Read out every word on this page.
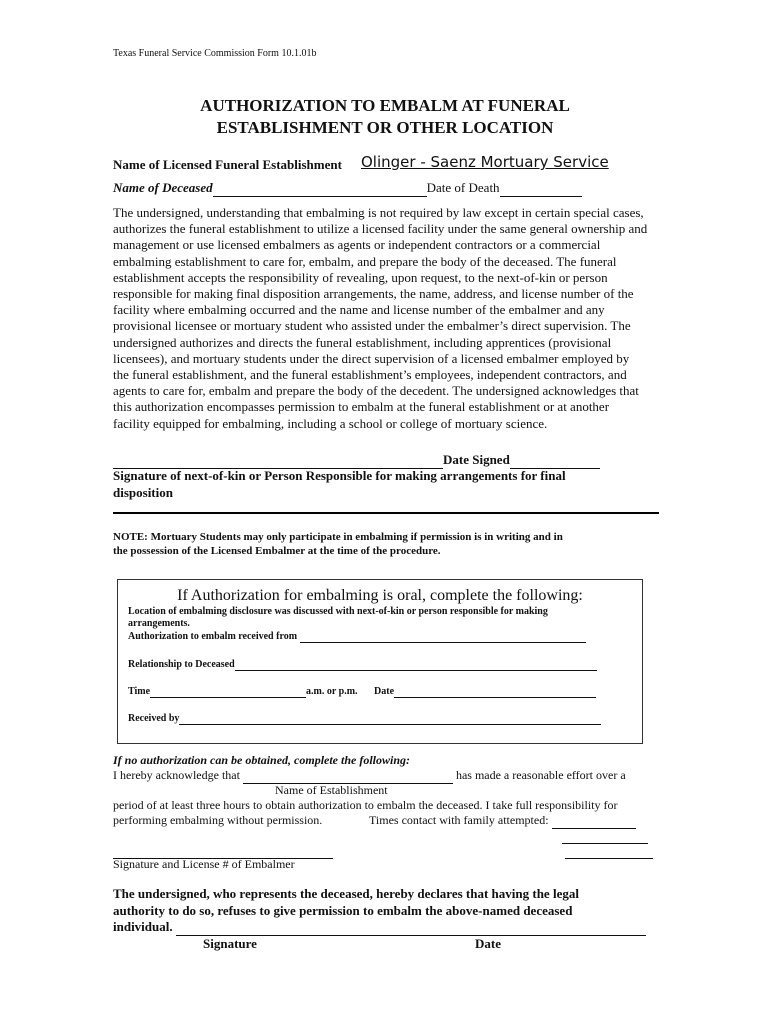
Texas Funeral Service Commission Form 10.1.01b
AUTHORIZATION TO EMBALM AT FUNERAL
ESTABLISHMENT OR OTHER LOCATION
Name of Licensed Funeral Establishment Olinger - Saenz Mortuary Service
Name of Deceased	Date of Death
The undersigned, understanding that embalming is not required by law except in certain special cases, authorizes the funeral establishment to utilize a licensed facility under the same general ownership and management or use licensed embalmers as agents or independent contractors or a commercial embalming establishment to care for, embalm, and prepare the body of the deceased. The funeral establishment accepts the responsibility of revealing, upon request, to the next-of-kin or person responsible for making final disposition arrangements, the name, address, and license number of the facility where embalming occurred and the name and license number of the embalmer and any provisional licensee or mortuary student who assisted under the embalmer’s direct supervision. The undersigned authorizes and directs the funeral establishment, including apprentices (provisional licensees), and mortuary students under the direct supervision of a licensed embalmer employed by the funeral establishment, and the funeral establishment’s employees, independent contractors, and agents to care for, embalm and prepare the body of the decedent. The undersigned acknowledges that this authorization encompasses permission to embalm at the funeral establishment or at another facility equipped for embalming, including a school or college of mortuary science.
Date Signed
Signature of next-of-kin or Person Responsible for making arrangements for final
disposition
NOTE: Mortuary Students may only participate in embalming if permission is in writing and in
the possession of the Licensed Embalmer at the time of the procedure.
If Authorization for embalming is oral, complete the following:
Location of embalming disclosure was discussed with next-of-kin or person responsible for making
arrangements.
Authorization to embalm received from
Relationship to Deceased
Time	a.m. or p.m. Date
Received by
If no authorization can be obtained, complete the following:
I hereby acknowledge that	has made a reasonable effort over a
Name of Establishment
period of at least three hours to obtain authorization to embalm the deceased. I take full responsibility for
performing embalming without permission.	Times contact with family attempted:

Signature and License # of Embalmer
The undersigned, who represents the deceased, hereby declares that having the legal
authority to do so, refuses to give permission to embalm the above-named deceased
individual.
Signature	Date
